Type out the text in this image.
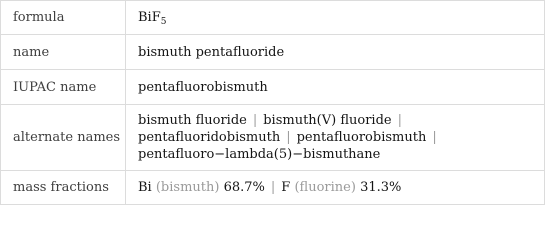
formula	BiF$_5$
name	bismuth pentafluoride
IUPAC name	pentafluorobismuth
alternate names	bismuth fluoride | bismuth(V) fluoride |
pentafluoridobismuth | pentafluorobismuth |
pentafluoro−lambda(5)−bismuthane
mass fractions	Bi (bismuth) 68.7% | F (fluorine) 31.3%
